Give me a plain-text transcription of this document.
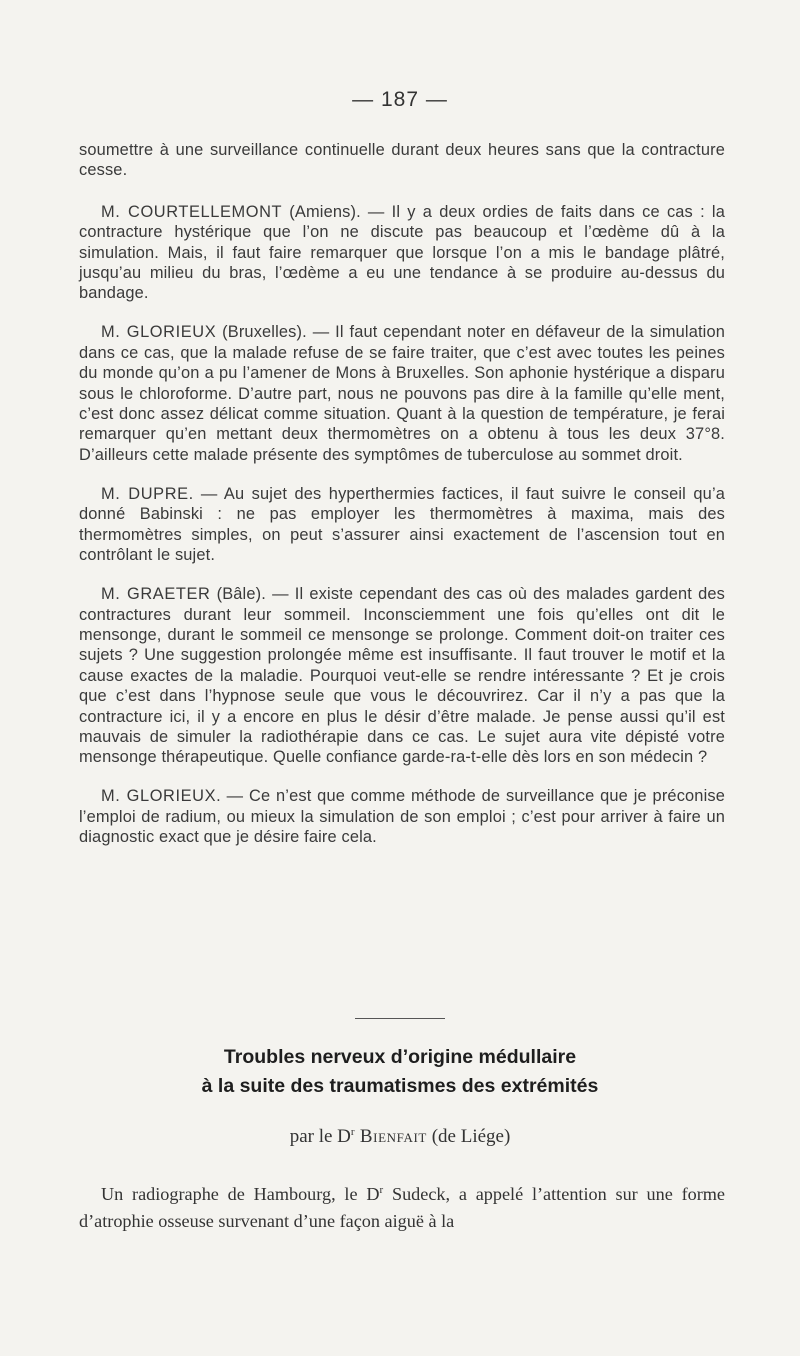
— 187 —

soumettre à une surveillance continuelle durant deux heures sans que la contracture cesse.

M. COURTELLEMONT (Amiens). — Il y a deux ordies de faits dans ce cas : la contracture hystérique que l’on ne discute pas beaucoup et l’œdème dû à la simulation. Mais, il faut faire remarquer que lorsque l’on a mis le bandage plâtré, jusqu’au milieu du bras, l’œdème a eu une tendance à se produire au-dessus du bandage.

M. GLORIEUX (Bruxelles). — Il faut cependant noter en défaveur de la simulation dans ce cas, que la malade refuse de se faire traiter, que c’est avec toutes les peines du monde qu’on a pu l’amener de Mons à Bruxelles. Son aphonie hystérique a disparu sous le chloroforme. D’autre part, nous ne pouvons pas dire à la famille qu’elle ment, c’est donc assez délicat comme situation. Quant à la question de température, je ferai remarquer qu’en mettant deux thermomètres on a obtenu à tous les deux 37°8. D’ailleurs cette malade présente des symptômes de tuberculose au sommet droit.

M. DUPRE. — Au sujet des hyperthermies factices, il faut suivre le conseil qu’a donné Babinski : ne pas employer les thermomètres à maxima, mais des thermomètres simples, on peut s’assurer ainsi exactement de l’ascension tout en contrôlant le sujet.

M. GRAETER (Bâle). — Il existe cependant des cas où des malades gardent des contractures durant leur sommeil. Inconsciemment une fois qu’elles ont dit le mensonge, durant le sommeil ce mensonge se prolonge. Comment doit-on traiter ces sujets ? Une suggestion prolongée même est insuffisante. Il faut trouver le motif et la cause exactes de la maladie. Pourquoi veut-elle se rendre intéressante ? Et je crois que c’est dans l’hypnose seule que vous le découvrirez. Car il n’y a pas que la contracture ici, il y a encore en plus le désir d’être malade. Je pense aussi qu’il est mauvais de simuler la radiothérapie dans ce cas. Le sujet aura vite dépisté votre mensonge thérapeutique. Quelle confiance garde-ra-t-elle dès lors en son médecin ?

M. GLORIEUX. — Ce n’est que comme méthode de surveillance que je préconise l’emploi de radium, ou mieux la simulation de son emploi ; c’est pour arriver à faire un diagnostic exact que je désire faire cela.

Troubles nerveux d’origine médullaire
à la suite des traumatismes des extrémités
par le $D^r$ Bienfait (de Liége)
Un radiographe de Hambourg, le $D^r$ Sudeck, a appelé l’attention sur une forme d’atrophie osseuse survenant d’une façon aiguë à la
